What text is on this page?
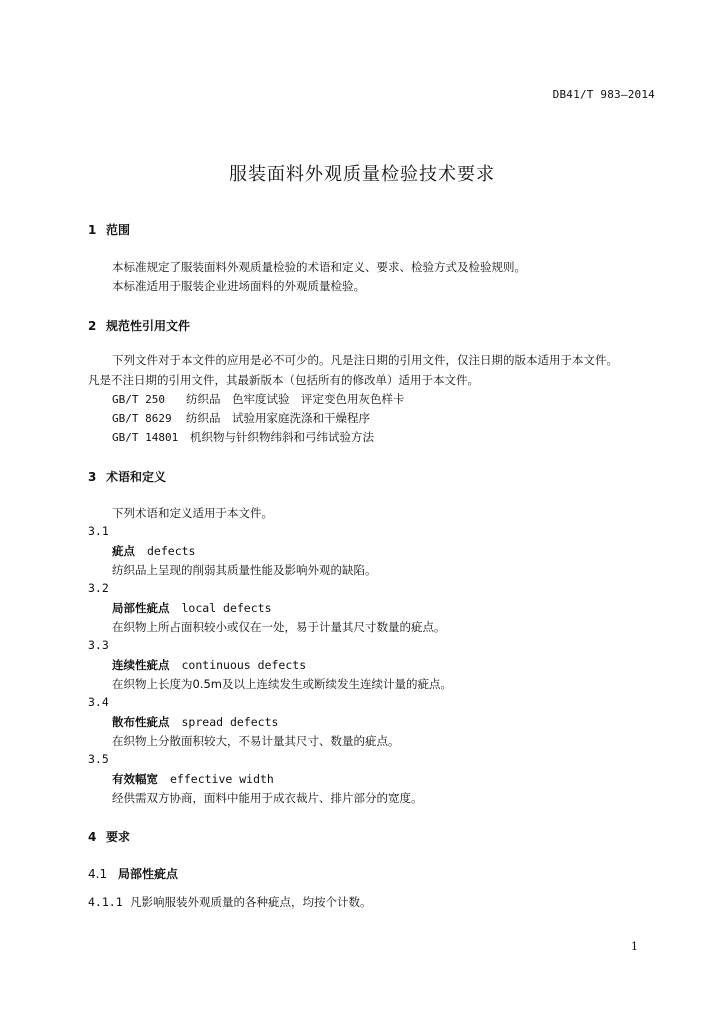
DB41/T 983—2014
服装面料外观质量检验技术要求
1 范围
本标准规定了服装面料外观质量检验的术语和定义、要求、检验方式及检验规则。
本标准适用于服装企业进场面料的外观质量检验。
2 规范性引用文件
下列文件对于本文件的应用是必不可少的。凡是注日期的引用文件，仅注日期的版本适用于本文件。
凡是不注日期的引用文件，其最新版本（包括所有的修改单）适用于本文件。
GB/T 250 纺织品　色牢度试验　评定变色用灰色样卡
GB/T 8629 纺织品　试验用家庭洗涤和干燥程序
GB/T 14801 机织物与针织物纬斜和弓纬试验方法
3 术语和定义
下列术语和定义适用于本文件。
3.1
疵点 defects
纺织品上呈现的削弱其质量性能及影响外观的缺陷。
3.2
局部性疵点 local defects
在织物上所占面积较小或仅在一处，易于计量其尺寸数量的疵点。
3.3
连续性疵点 continuous defects
在织物上长度为0.5m及以上连续发生或断续发生连续计量的疵点。
3.4
散布性疵点 spread defects
在织物上分散面积较大，不易计量其尺寸、数量的疵点。
3.5
有效幅宽 effective width
经供需双方协商，面料中能用于成衣裁片、排片部分的宽度。
4 要求
4.1 局部性疵点
4.1.1 凡影响服装外观质量的各种疵点，均按个计数。
1
